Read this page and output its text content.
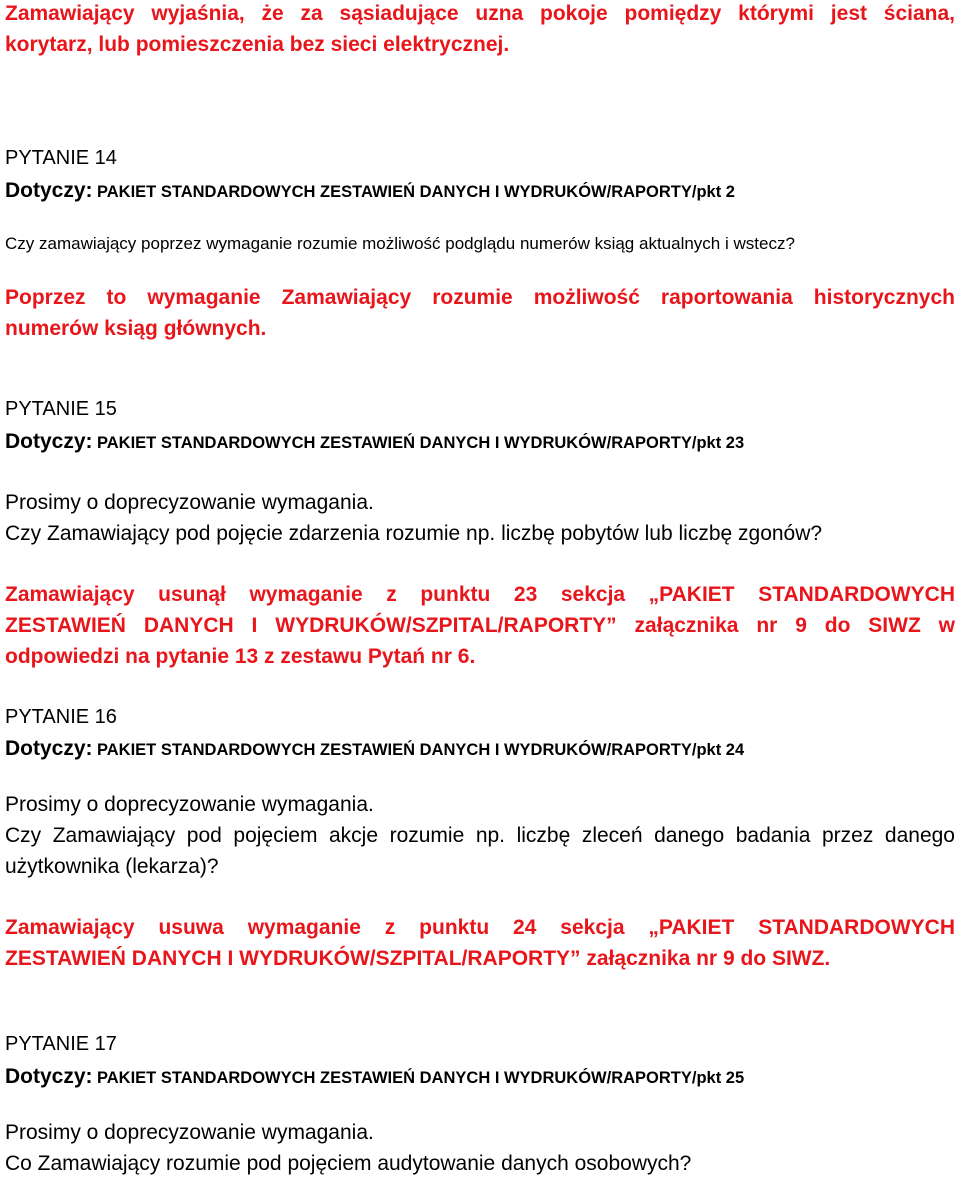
Zamawiający wyjaśnia, że za sąsiadujące uzna pokoje pomiędzy którymi jest ściana,
korytarz, lub pomieszczenia bez sieci elektrycznej.
PYTANIE 14
Dotyczy: PAKIET STANDARDOWYCH ZESTAWIEŃ DANYCH I WYDRUKÓW/RAPORTY/pkt 2
Czy zamawiający poprzez wymaganie rozumie możliwość podglądu numerów ksiąg aktualnych i wstecz?
Poprzez to wymaganie Zamawiający rozumie możliwość raportowania historycznych
numerów ksiąg głównych.
PYTANIE 15
Dotyczy: PAKIET STANDARDOWYCH ZESTAWIEŃ DANYCH I WYDRUKÓW/RAPORTY/pkt 23
Prosimy o doprecyzowanie wymagania.
Czy Zamawiający pod pojęcie zdarzenia rozumie np. liczbę pobytów lub liczbę zgonów?
Zamawiający usunął wymaganie z punktu 23 sekcja „PAKIET STANDARDOWYCH
ZESTAWIEŃ DANYCH I WYDRUKÓW/SZPITAL/RAPORTY” załącznika nr 9 do SIWZ w
odpowiedzi na pytanie 13 z zestawu Pytań nr 6.
PYTANIE 16
Dotyczy: PAKIET STANDARDOWYCH ZESTAWIEŃ DANYCH I WYDRUKÓW/RAPORTY/pkt 24
Prosimy o doprecyzowanie wymagania.
Czy Zamawiający pod pojęciem akcje rozumie np. liczbę zleceń danego badania przez danego
użytkownika (lekarza)?
Zamawiający usuwa wymaganie z punktu 24 sekcja „PAKIET STANDARDOWYCH
ZESTAWIEŃ DANYCH I WYDRUKÓW/SZPITAL/RAPORTY” załącznika nr 9 do SIWZ.
PYTANIE 17
Dotyczy: PAKIET STANDARDOWYCH ZESTAWIEŃ DANYCH I WYDRUKÓW/RAPORTY/pkt 25
Prosimy o doprecyzowanie wymagania.
Co Zamawiający rozumie pod pojęciem audytowanie danych osobowych?
